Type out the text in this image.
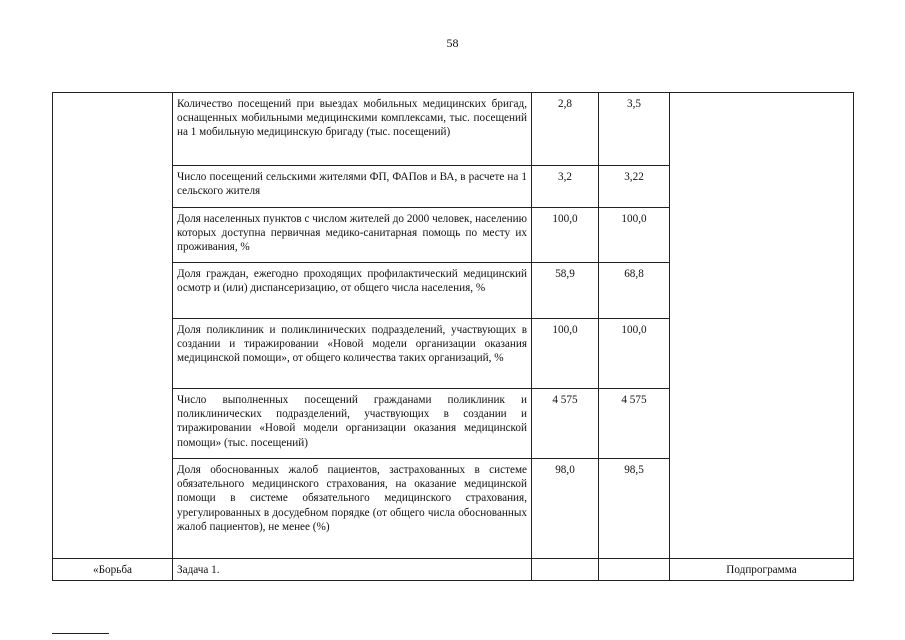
58
	Количество посещений при выездах мобильных медицинских бригад, оснащенных мобильными медицинскими комплексами, тыс. посещений на 1 мобильную медицинскую бригаду (тыс. посещений)	2,8	3,5	
	Число посещений сельскими жителями ФП, ФАПов и ВА, в расчете на 1 сельского жителя	3,2	3,22	
	Доля населенных пунктов с числом жителей до 2000 человек, населению которых доступна первичная медико-санитарная помощь по месту их проживания, %	100,0	100,0	
	Доля граждан, ежегодно проходящих профилактический медицинский осмотр и (или) диспансеризацию, от общего числа населения, %	58,9	68,8	
	Доля поликлиник и поликлинических подразделений, участвующих в создании и тиражировании «Новой модели организации оказания медицинской помощи», от общего количества таких организаций, %	100,0	100,0	
	Число выполненных посещений гражданами поликлиник и поликлинических подразделений, участвующих в создании и тиражировании «Новой модели организации оказания медицинской помощи» (тыс. посещений)	4 575	4 575	
	Доля обоснованных жалоб пациентов, застрахованных в системе обязательного медицинского страхования, на оказание медицинской помощи в системе обязательного медицинского страхования, урегулированных в досудебном порядке (от общего числа обоснованных жалоб пациентов), не менее (%)	98,0	98,5	
«Борьба	Задача 1.			Подпрограмма
